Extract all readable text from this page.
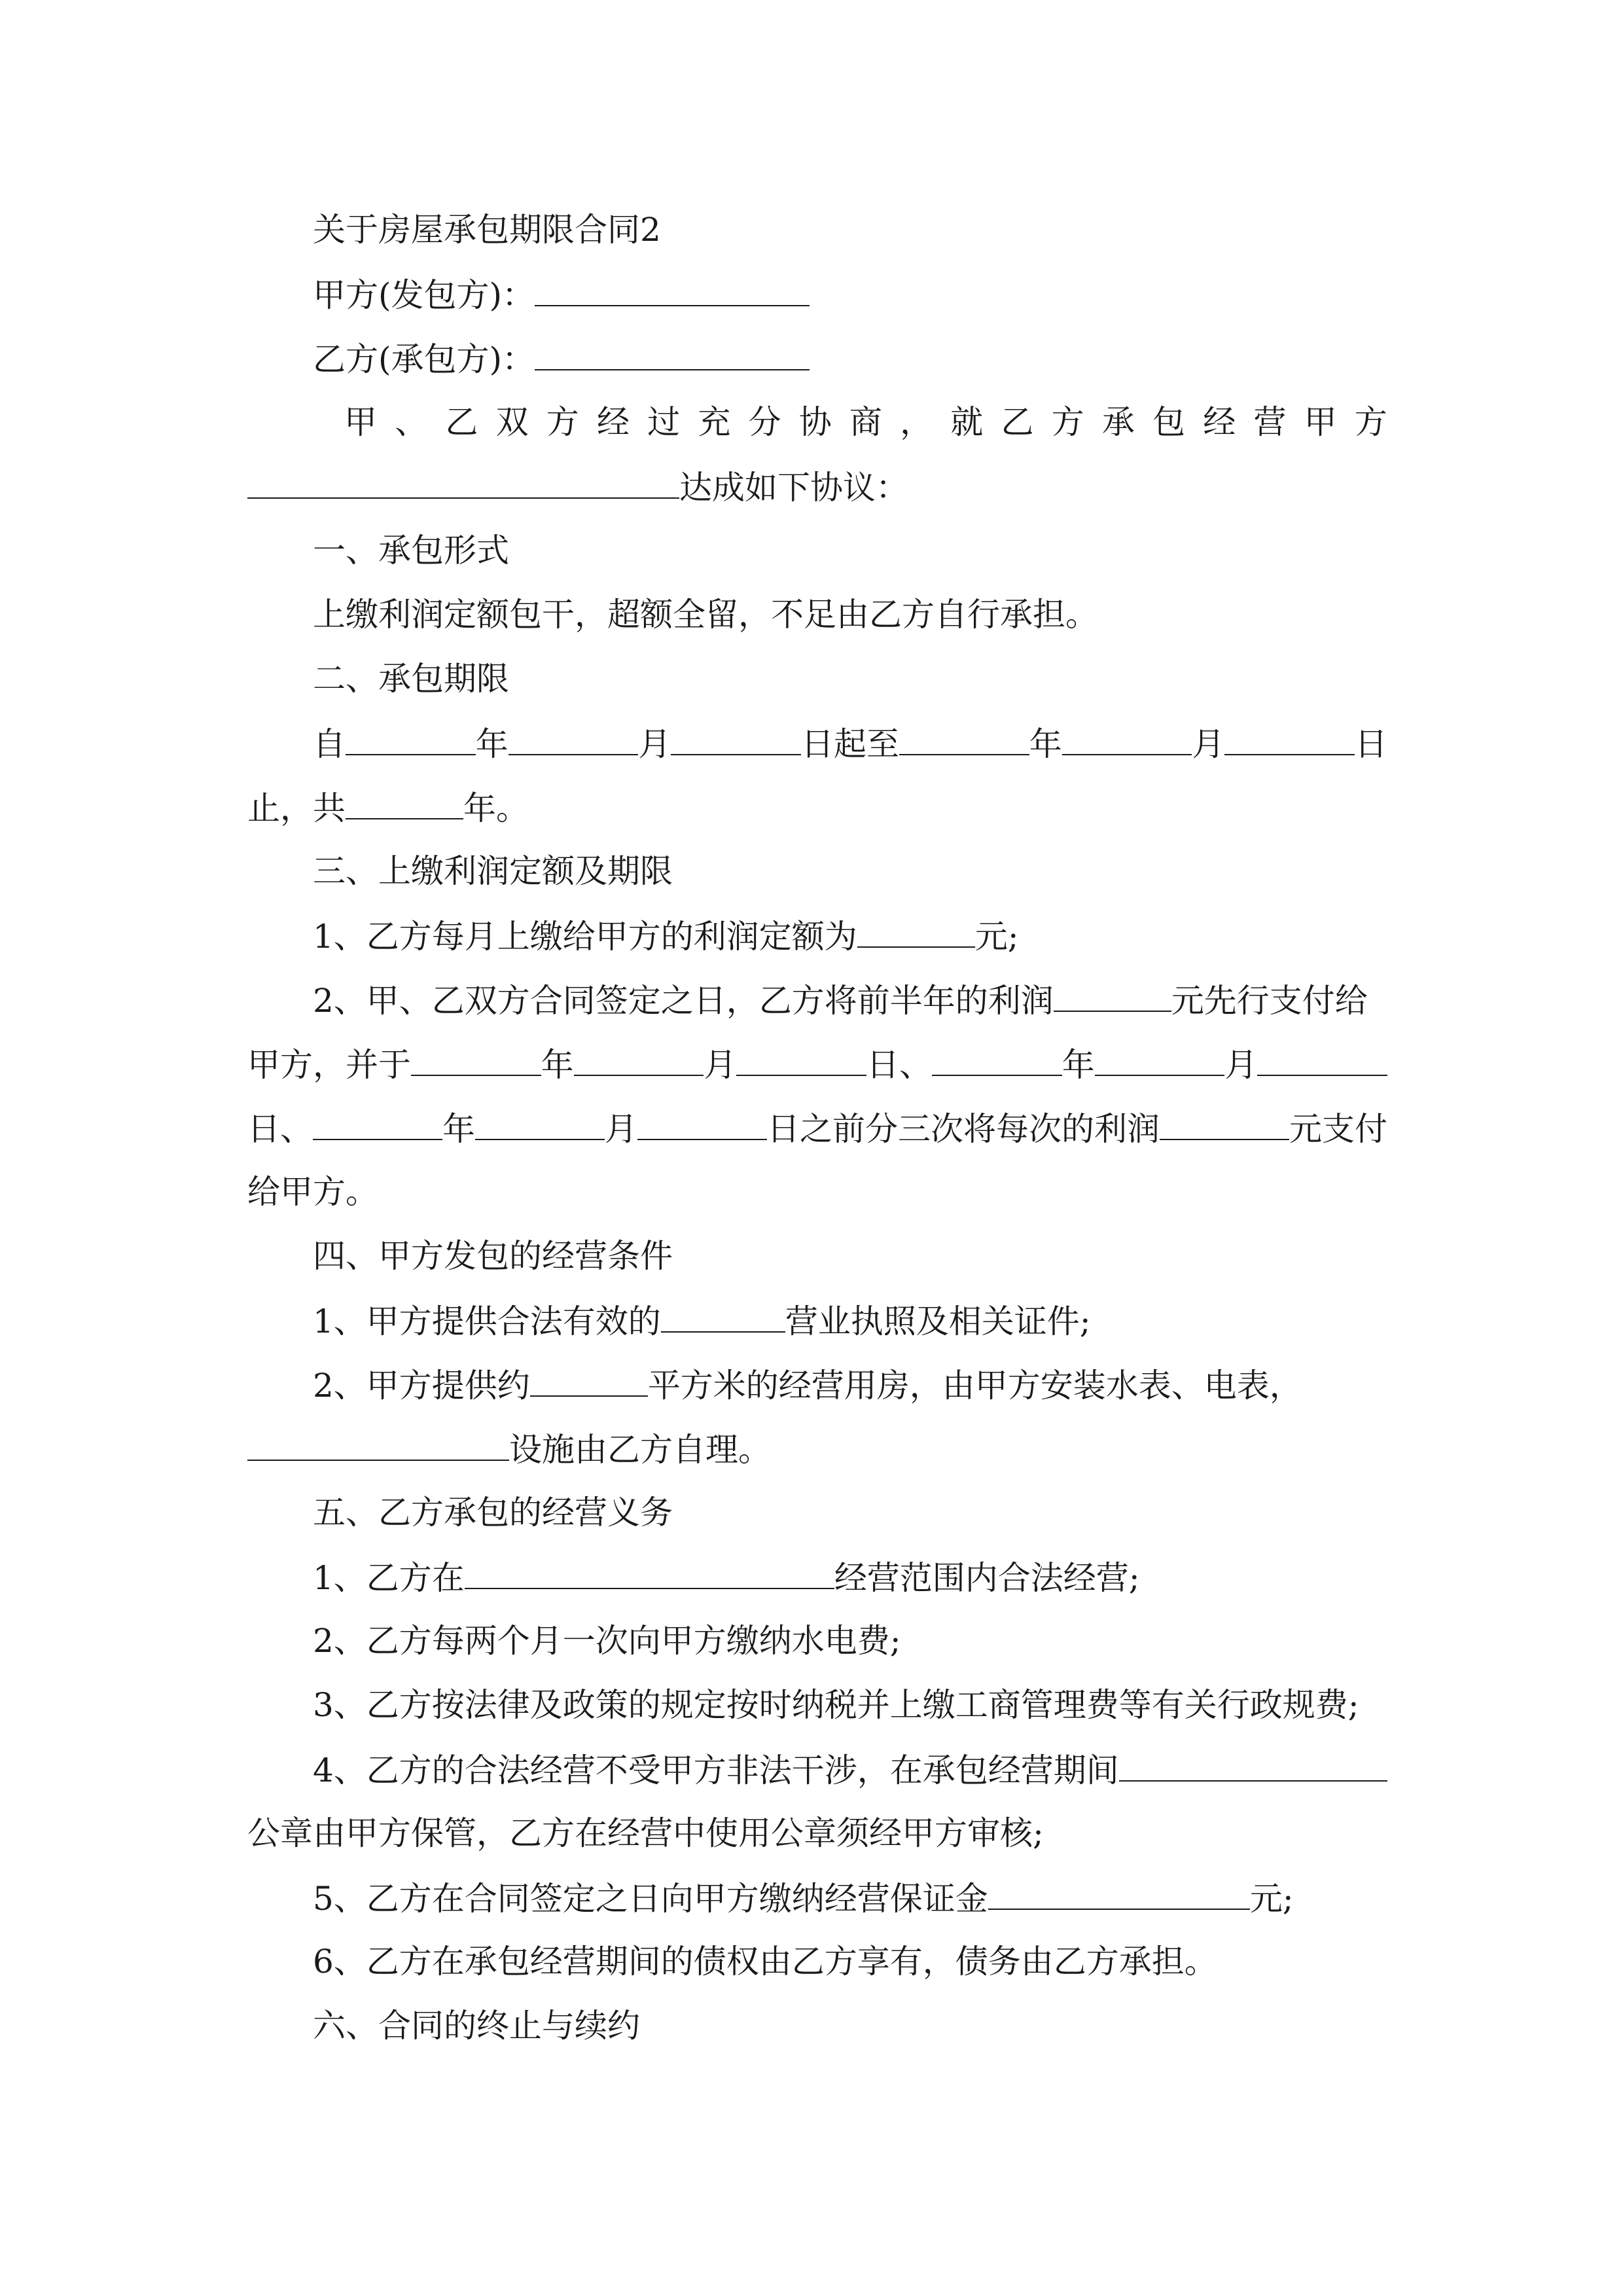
关于房屋承包期限合同2
甲方(发包方)：
乙方(承包方)：
甲 、 乙 双 方 经 过 充 分 协 商 ， 就 乙 方 承 包 经 营 甲 方
达成如下协议：
一、承包形式
上缴利润定额包干，超额全留，不足由乙方自行承担。
二、承包期限
自	年	月	日起至	年	月	日
止，共	年。
三、上缴利润定额及期限
1、乙方每月上缴给甲方的利润定额为	元;
2、甲、乙双方合同签定之日，乙方将前半年的利润	元先行支付给
甲方，并于	年	月	日、	年	月
日、	年	月	日之前分三次将每次的利润	元支付
给甲方。
四、甲方发包的经营条件
1、甲方提供合法有效的	营业执照及相关证件;
2、甲方提供约	平方米的经营用房，由甲方安装水表、电表，
设施由乙方自理。
五、乙方承包的经营义务
1、乙方在	经营范围内合法经营;
2、乙方每两个月一次向甲方缴纳水电费;
3、乙方按法律及政策的规定按时纳税并上缴工商管理费等有关行政规费;
4、乙方的合法经营不受甲方非法干涉，在承包经营期间
公章由甲方保管，乙方在经营中使用公章须经甲方审核;
5、乙方在合同签定之日向甲方缴纳经营保证金	元;
6、乙方在承包经营期间的债权由乙方享有，债务由乙方承担。
六、合同的终止与续约
